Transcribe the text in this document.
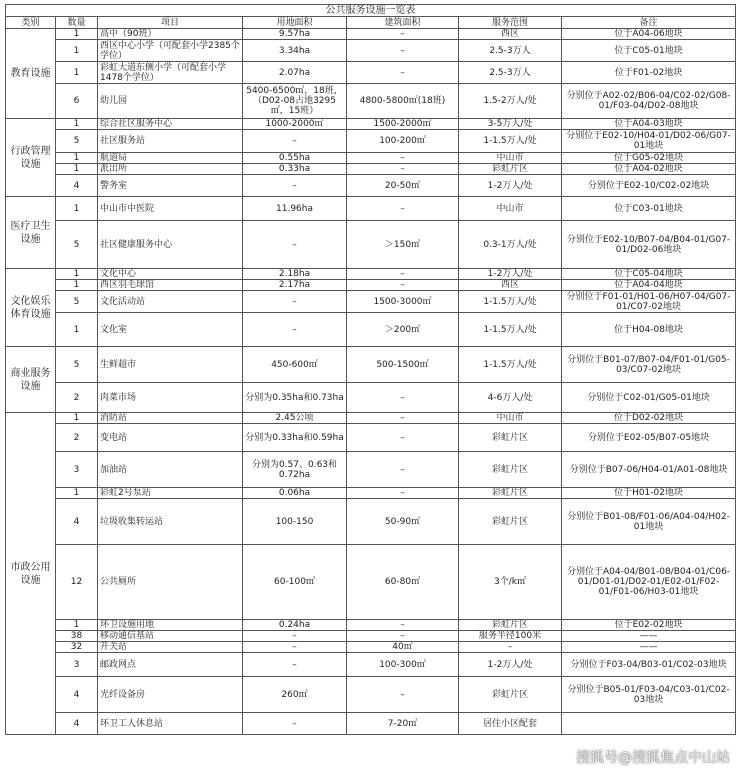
公共服务设施一览表						
类别	数量	项目	用地面积	建筑面积	服务范围	备注
教育设施	1	高中（90班）	9.57ha	–	西区	位于A04-06地块
	1	西区中心小学（可配套小学2385个学位）	3.34ha	–	2.5-3万人	位于C05-01地块
	1	彩虹大道东侧小学（可配套小学1478个学位）	2.07ha	–	2.5-3万人	位于F01-02地块
	6	幼儿园	5400-6500㎡，18班，（D02-08占地3295㎡，15班）	4800-5800㎡(18班)	1.5-2万人/处	分别位于A02-02/B06-04/C02-02/G08-01/F03-04/D02-08地块
行政管理设施	1	综合社区服务中心	1000-2000㎡	1500-2000㎡	3-5万人/处	位于A04-03地块
	5	社区服务站	–	100-200㎡	1-1.5万人/处	分别位于E02-10/H04-01/D02-06/G07-01地块
	1	航道局	0.55ha	–	中山市	位于G05-02地块
	1	派出所	0.33ha	–	彩虹片区	位于A04-02地块
	4	警务室	–	20-50㎡	1-2万人/处	分别位于E02-10/C02-02地块
医疗卫生设施	1	中山市中医院	11.96ha	–	中山市	位于C03-01地块
	5	社区健康服务中心	–	＞150㎡	0.3-1万人/处	分别位于E02-10/B07-04/B04-01/G07-01/D02-06地块
文化娱乐体育设施	1	文化中心	2.18ha	–	1-2万人/处	位于C05-04地块
	1	西区羽毛球馆	2.17ha	–	西区	位于A04-04地块
	5	文化活动站	–	1500-3000㎡	1-1.5万人/处	分别位于F01-01/H01-06/H07-04/G07-01/C07-02地块
	1	文化室	–	＞200㎡	1-1.5万人/处	位于H04-08地块
商业服务设施	5	生鲜超市	450-600㎡	500-1500㎡	1-1.5万人/处	分别位于B01-07/B07-04/F01-01/G05-03/C07-02地块
	2	肉菜市场	分别为0.35ha和0.73ha	–	4-6万人/处	分别位于C02-01/G05-01地块
市政公用设施	1	消防站	2.45公顷	–	中山市	位于D02-02地块
	2	变电站	分别为0.33ha和0.59ha	–	彩虹片区	分别位于E02-05/B07-05地块
	3	加油站	分别为0.57、0.63和0.72ha	–	彩虹片区	分别位于B07-06/H04-01/A01-08地块
	1	彩虹2号泵站	0.06ha	–	彩虹片区	位于H01-02地块
	4	垃圾收集转运站	100-150	50-90㎡	彩虹片区	分别位于B01-08/F01-06/A04-04/H02-01地块
	12	公共厕所	60-100㎡	60-80㎡	3个/k㎡	分别位于A04-04/B01-08/B04-01/C06-01/D01-01/D02-01/E02-01/F02-01/F01-06/H03-01地块
	1	环卫设施用地	0.24ha	–	彩虹片区	位于E02-02地块
	38	移动通信基站	–	–	服务半径100米	——
	32	开关站	–	40㎡	–	——
	3	邮政网点	–	100-300㎡	1-2万人/处	分别位于F03-04/B03-01/C02-03地块
	4	光纤设备房	260㎡	–	彩虹片区	分别位于B05-01/F03-04/C03-01/C02-03地块
	4	环卫工人休息站	–	7-20㎡	居住小区配套	
搜狐号@搜狐焦点中山站
